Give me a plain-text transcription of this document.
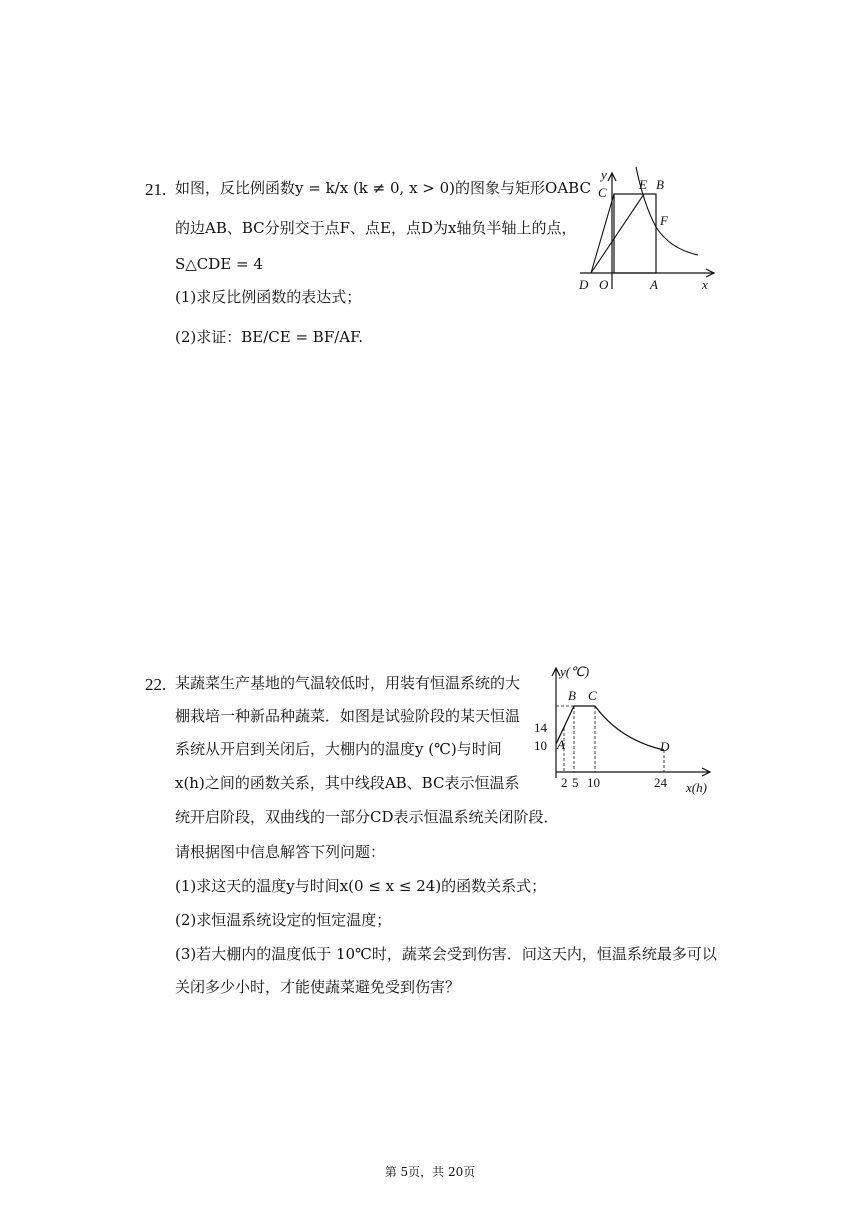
21. 如图，反比例函数y = k/x (k ≠ 0, x > 0)的图象与矩形OABC
的边AB、BC分别交于点F、点E，点D为x轴负半轴上的点，
S△CDE = 4
(1)求反比例函数的表达式；
(2)求证：BE/CE = BF/AF.
y
C
E B
F
D O	A	x
22. 某蔬菜生产基地的气温较低时，用装有恒温系统的大
棚栽培一种新品种蔬菜．如图是试验阶段的某天恒温
系统从开启到关闭后，大棚内的温度y (℃)与时间
x(h)之间的函数关系，其中线段AB、BC表示恒温系
统开启阶段，双曲线的一部分CD表示恒温系统关闭阶段．
请根据图中信息解答下列问题：
(1)求这天的温度y与时间x(0 ≤ x ≤ 24)的函数关系式；
(2)求恒温系统设定的恒定温度；
(3)若大棚内的温度低于 10℃时，蔬菜会受到伤害．问这天内，恒温系统最多可以
关闭多少小时，才能使蔬菜避免受到伤害？
y(℃)
B C
14
10 A	D
2 5 10	24 x(h)
第 5页，共 20页
